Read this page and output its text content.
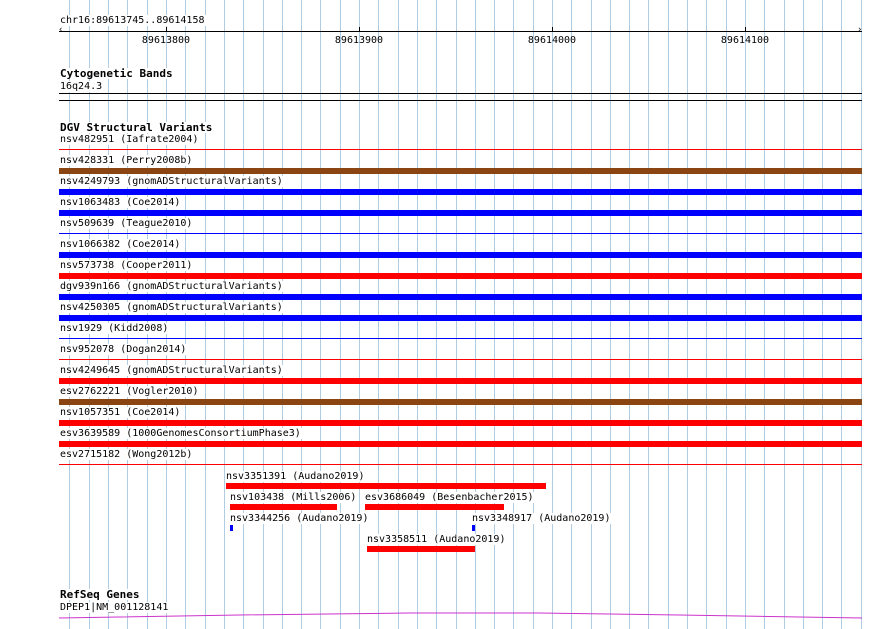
chr16:89613745..89614158
‹	›
89613800	89613900	89614000	89614100
Cytogenetic Bands
16q24.3
DGV Structural Variants
nsv482951 (Iafrate2004)
nsv428331 (Perry2008b)
nsv4249793 (gnomADStructuralVariants)
nsv1063483 (Coe2014)
nsv509639 (Teague2010)
nsv1066382 (Coe2014)
nsv573738 (Cooper2011)
dgv939n166 (gnomADStructuralVariants)
nsv4250305 (gnomADStructuralVariants)
nsv1929 (Kidd2008)
nsv952078 (Dogan2014)
nsv4249645 (gnomADStructuralVariants)
esv2762221 (Vogler2010)
nsv1057351 (Coe2014)
esv3639589 (1000GenomesConsortiumPhase3)
esv2715182 (Wong2012b)
nsv3351391 (Audano2019)
nsv103438 (Mills2006) esv3686049 (Besenbacher2015)
nsv3344256 (Audano2019)	nsv3348917 (Audano2019)
nsv3358511 (Audano2019)
RefSeq Genes
DPEP1|NM_001128141
